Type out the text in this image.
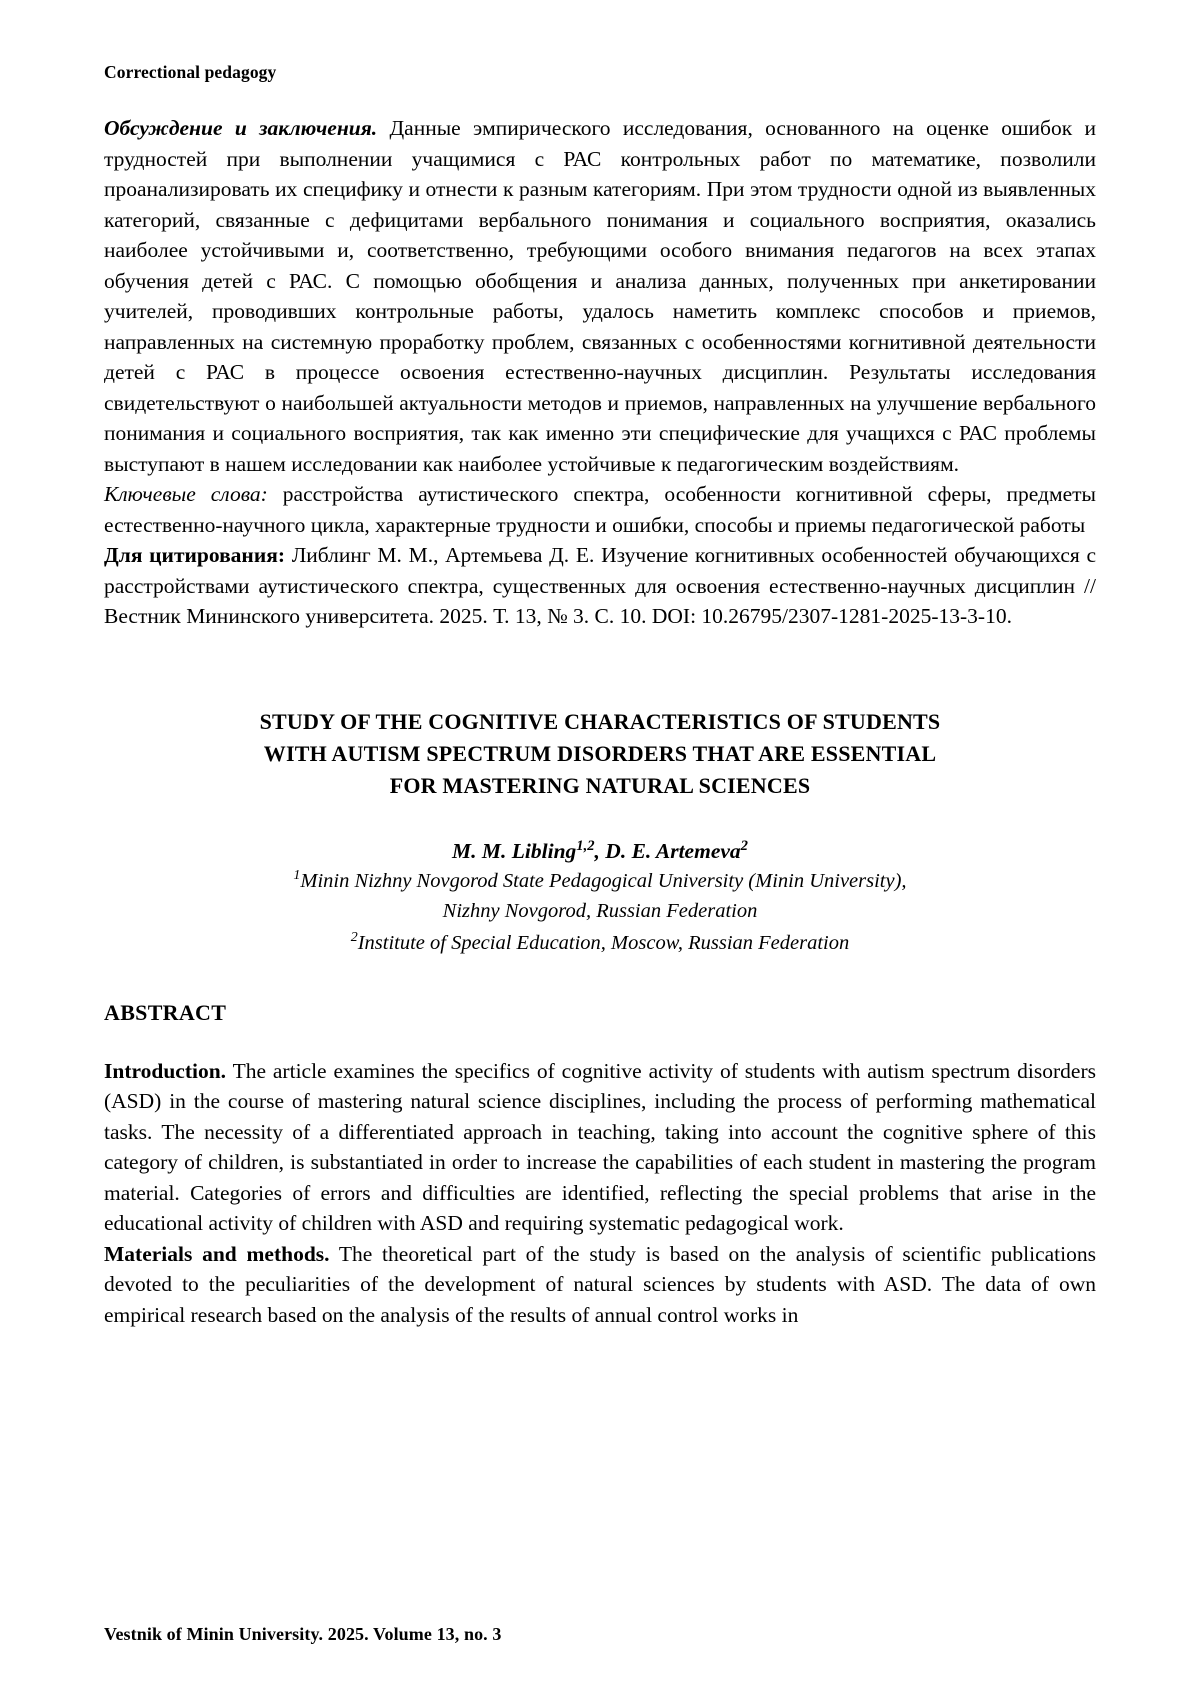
Correctional pedagogy

Обсуждение и заключения. Данные эмпирического исследования, основанного на оценке ошибок и трудностей при выполнении учащимися с РАС контрольных работ по математике, позволили проанализировать их специфику и отнести к разным категориям. При этом трудности одной из выявленных категорий, связанные с дефицитами вербального понимания и социального восприятия, оказались наиболее устойчивыми и, соответственно, требующими особого внимания педагогов на всех этапах обучения детей с РАС. С помощью обобщения и анализа данных, полученных при анкетировании учителей, проводивших контрольные работы, удалось наметить комплекс способов и приемов, направленных на системную проработку проблем, связанных с особенностями когнитивной деятельности детей с РАС в процессе освоения естественно-научных дисциплин. Результаты исследования свидетельствуют о наибольшей актуальности методов и приемов, направленных на улучшение вербального понимания и социального восприятия, так как именно эти специфические для учащихся с РАС проблемы выступают в нашем исследовании как наиболее устойчивые к педагогическим воздействиям.

Ключевые слова: расстройства аутистического спектра, особенности когнитивной сферы, предметы естественно-научного цикла, характерные трудности и ошибки, способы и приемы педагогической работы

Для цитирования: Либлинг М. М., Артемьева Д. Е. Изучение когнитивных особенностей обучающихся с расстройствами аутистического спектра, существенных для освоения естественно-научных дисциплин // Вестник Мининского университета. 2025. Т. 13, № 3. С. 10. DOI: 10.26795/2307-1281-2025-13-3-10.

STUDY OF THE COGNITIVE CHARACTERISTICS OF STUDENTS
WITH AUTISM SPECTRUM DISORDERS THAT ARE ESSENTIAL
FOR MASTERING NATURAL SCIENCES
M. M. Libling$^{1,2}$, D. E. Artemeva$^2$
$^1$Minin Nizhny Novgorod State Pedagogical University (Minin University),
Nizhny Novgorod, Russian Federation
$^2$Institute of Special Education, Moscow, Russian Federation
ABSTRACT

Introduction. The article examines the specifics of cognitive activity of students with autism spectrum disorders (ASD) in the course of mastering natural science disciplines, including the process of performing mathematical tasks. The necessity of a differentiated approach in teaching, taking into account the cognitive sphere of this category of children, is substantiated in order to increase the capabilities of each student in mastering the program material. Categories of errors and difficulties are identified, reflecting the special problems that arise in the educational activity of children with ASD and requiring systematic pedagogical work.

Materials and methods. The theoretical part of the study is based on the analysis of scientific publications devoted to the peculiarities of the development of natural sciences by students with ASD. The data of own empirical research based on the analysis of the results of annual control works in

Vestnik of Minin University. 2025. Volume 13, no. 3
